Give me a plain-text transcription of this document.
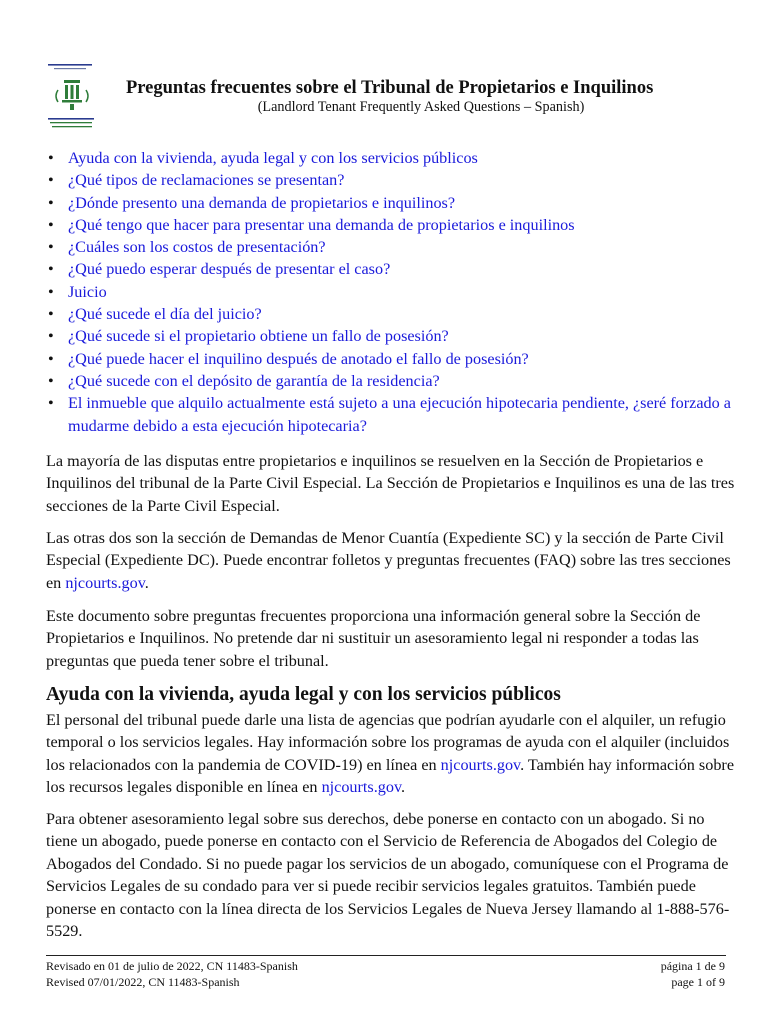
Preguntas frecuentes sobre el Tribunal de Propietarios e Inquilinos
(Landlord Tenant Frequently Asked Questions – Spanish)
• Ayuda con la vivienda, ayuda legal y con los servicios públicos
• ¿Qué tipos de reclamaciones se presentan?
• ¿Dónde presento una demanda de propietarios e inquilinos?
• ¿Qué tengo que hacer para presentar una demanda de propietarios e inquilinos
• ¿Cuáles son los costos de presentación?
• ¿Qué puedo esperar después de presentar el caso?
• Juicio
• ¿Qué sucede el día del juicio?
• ¿Qué sucede si el propietario obtiene un fallo de posesión?
• ¿Qué puede hacer el inquilino después de anotado el fallo de posesión?
• ¿Qué sucede con el depósito de garantía de la residencia?
• El inmueble que alquilo actualmente está sujeto a una ejecución hipotecaria pendiente, ¿seré forzado a mudarme debido a esta ejecución hipotecaria?

La mayoría de las disputas entre propietarios e inquilinos se resuelven en la Sección de Propietarios e Inquilinos del tribunal de la Parte Civil Especial. La Sección de Propietarios e Inquilinos es una de las tres secciones de la Parte Civil Especial.

Las otras dos son la sección de Demandas de Menor Cuantía (Expediente SC) y la sección de Parte Civil Especial (Expediente DC). Puede encontrar folletos y preguntas frecuentes (FAQ) sobre las tres secciones en njcourts.gov.

Este documento sobre preguntas frecuentes proporciona una información general sobre la Sección de Propietarios e Inquilinos. No pretende dar ni sustituir un asesoramiento legal ni responder a todas las preguntas que pueda tener sobre el tribunal.

Ayuda con la vivienda, ayuda legal y con los servicios públicos

El personal del tribunal puede darle una lista de agencias que podrían ayudarle con el alquiler, un refugio temporal o los servicios legales. Hay información sobre los programas de ayuda con el alquiler (incluidos los relacionados con la pandemia de COVID-19) en línea en njcourts.gov. También hay información sobre los recursos legales disponible en línea en njcourts.gov.

Para obtener asesoramiento legal sobre sus derechos, debe ponerse en contacto con un abogado. Si no tiene un abogado, puede ponerse en contacto con el Servicio de Referencia de Abogados del Colegio de Abogados del Condado. Si no puede pagar los servicios de un abogado, comuníquese con el Programa de Servicios Legales de su condado para ver si puede recibir servicios legales gratuitos. También puede ponerse en contacto con la línea directa de los Servicios Legales de Nueva Jersey llamando al 1-888-576-5529.

Revisado en 01 de julio de 2022, CN 11483-Spanish
Revised 07/01/2022, CN 11483-Spanish
página 1 de 9
page 1 of 9
